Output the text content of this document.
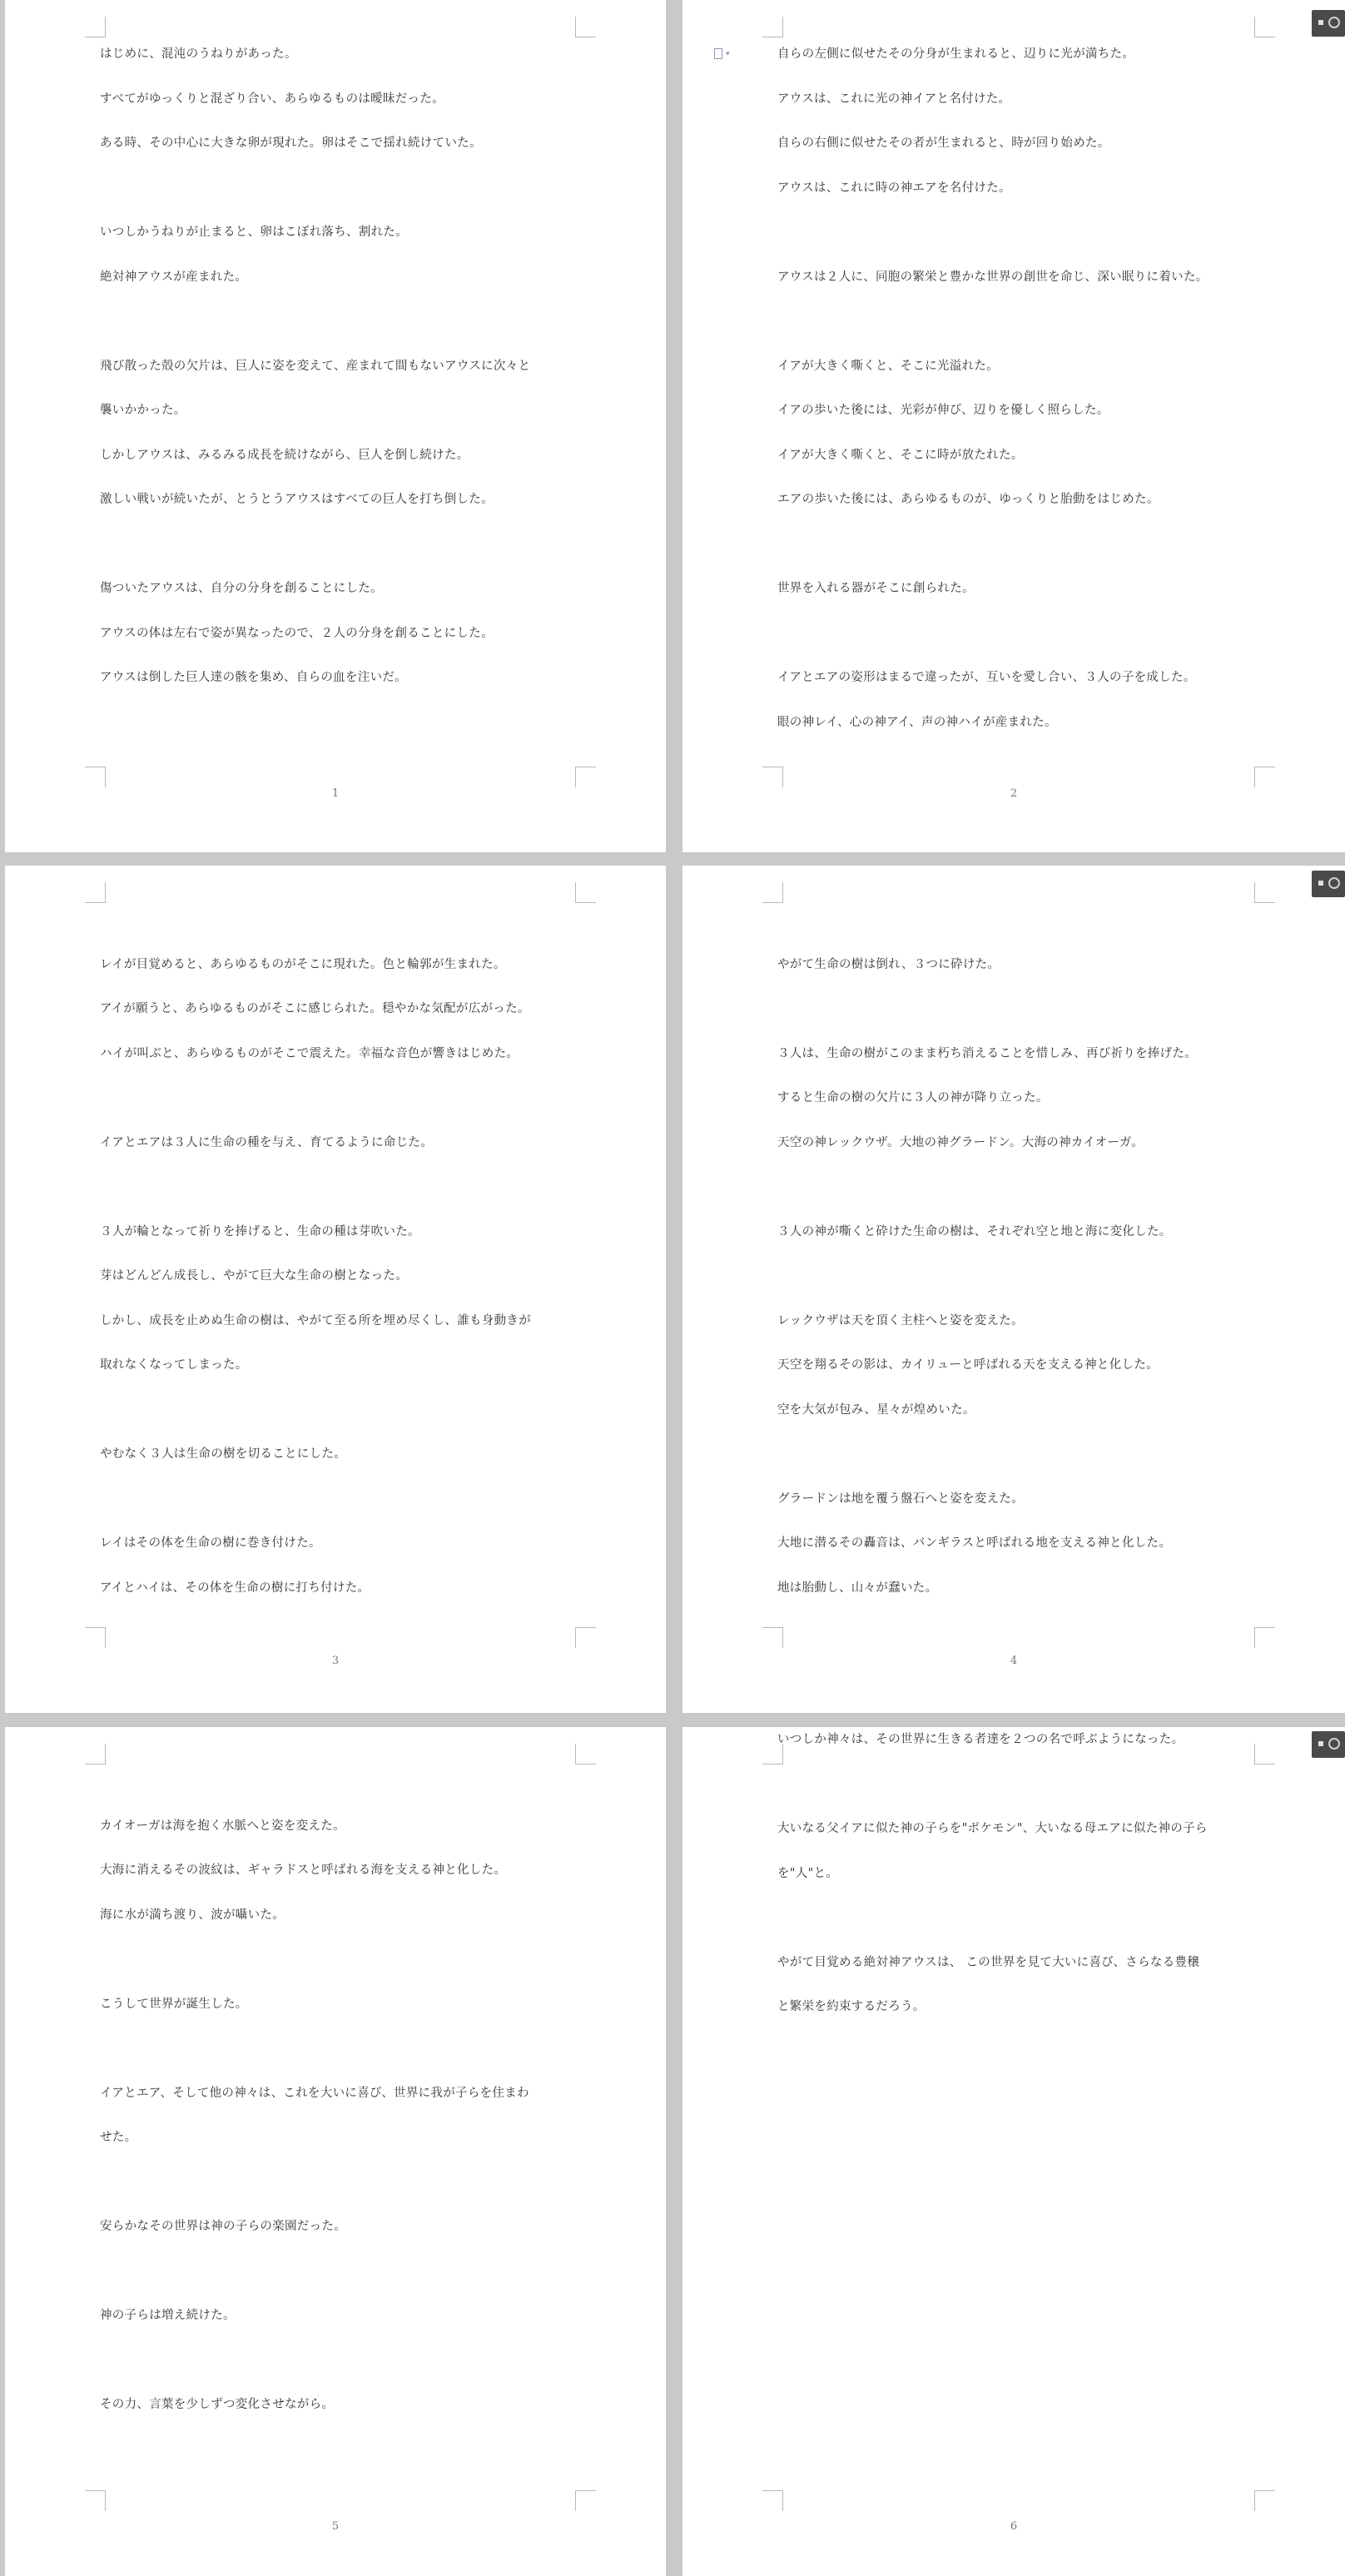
はじめに、混沌のうねりがあった。
すべてがゆっくりと混ざり合い、あらゆるものは曖昧だった。
ある時、その中心に大きな卵が現れた。卵はそこで揺れ続けていた。
いつしかうねりが止まると、卵はこぼれ落ち、割れた。
絶対神アウスが産まれた。
飛び散った殻の欠片は、巨人に姿を変えて、産まれて間もないアウスに次々と
襲いかかった。
しかしアウスは、みるみる成長を続けながら、巨人を倒し続けた。
激しい戦いが続いたが、とうとうアウスはすべての巨人を打ち倒した。
傷ついたアウスは、自分の分身を創ることにした。
アウスの体は左右で姿が異なったので、２人の分身を創ることにした。
アウスは倒した巨人達の骸を集め、自らの血を注いだ。
1
▾
自らの左側に似せたその分身が生まれると、辺りに光が満ちた。
アウスは、これに光の神イアと名付けた。
自らの右側に似せたその者が生まれると、時が回り始めた。
アウスは、これに時の神エアを名付けた。
アウスは２人に、同胞の繁栄と豊かな世界の創世を命じ、深い眠りに着いた。
イアが大きく嘶くと、そこに光溢れた。
イアの歩いた後には、光彩が伸び、辺りを優しく照らした。
イアが大きく嘶くと、そこに時が放たれた。
エアの歩いた後には、あらゆるものが、ゆっくりと胎動をはじめた。
世界を入れる器がそこに創られた。
イアとエアの姿形はまるで違ったが、互いを愛し合い、３人の子を成した。
眼の神レイ、心の神アイ、声の神ハイが産まれた。
2
レイが目覚めると、あらゆるものがそこに現れた。色と輪郭が生まれた。
アイが願うと、あらゆるものがそこに感じられた。穏やかな気配が広がった。
ハイが叫ぶと、あらゆるものがそこで震えた。幸福な音色が響きはじめた。
イアとエアは３人に生命の種を与え、育てるように命じた。
３人が輪となって祈りを捧げると、生命の種は芽吹いた。
芽はどんどん成長し、やがて巨大な生命の樹となった。
しかし、成長を止めぬ生命の樹は、やがて至る所を埋め尽くし、誰も身動きが
取れなくなってしまった。
やむなく３人は生命の樹を切ることにした。
レイはその体を生命の樹に巻き付けた。
アイとハイは、その体を生命の樹に打ち付けた。
3
やがて生命の樹は倒れ、３つに砕けた。
３人は、生命の樹がこのまま朽ち消えることを惜しみ、再び祈りを捧げた。
すると生命の樹の欠片に３人の神が降り立った。
天空の神レックウザ。大地の神グラードン。大海の神カイオーガ。
３人の神が嘶くと砕けた生命の樹は、それぞれ空と地と海に変化した。
レックウザは天を頂く主柱へと姿を変えた。
天空を翔るその影は、カイリューと呼ばれる天を支える神と化した。
空を大気が包み、星々が煌めいた。
グラードンは地を覆う盤石へと姿を変えた。
大地に潜るその轟音は、バンギラスと呼ばれる地を支える神と化した。
地は胎動し、山々が蠢いた。
4
カイオーガは海を抱く水脈へと姿を変えた。
大海に消えるその波紋は、ギャラドスと呼ばれる海を支える神と化した。
海に水が満ち渡り、波が囁いた。
こうして世界が誕生した。
イアとエア、そして他の神々は、これを大いに喜び、世界に我が子らを住まわ
せた。
安らかなその世界は神の子らの楽園だった。
神の子らは増え続けた。
その力、言葉を少しずつ変化させながら。
5
いつしか神々は、その世界に生きる者達を２つの名で呼ぶようになった。
大いなる父イアに似た神の子らを"ポケモン"、大いなる母エアに似た神の子ら
を"人"と。
やがて目覚める絶対神アウスは、 この世界を見て大いに喜び、さらなる豊穣
と繁栄を約束するだろう。
6
